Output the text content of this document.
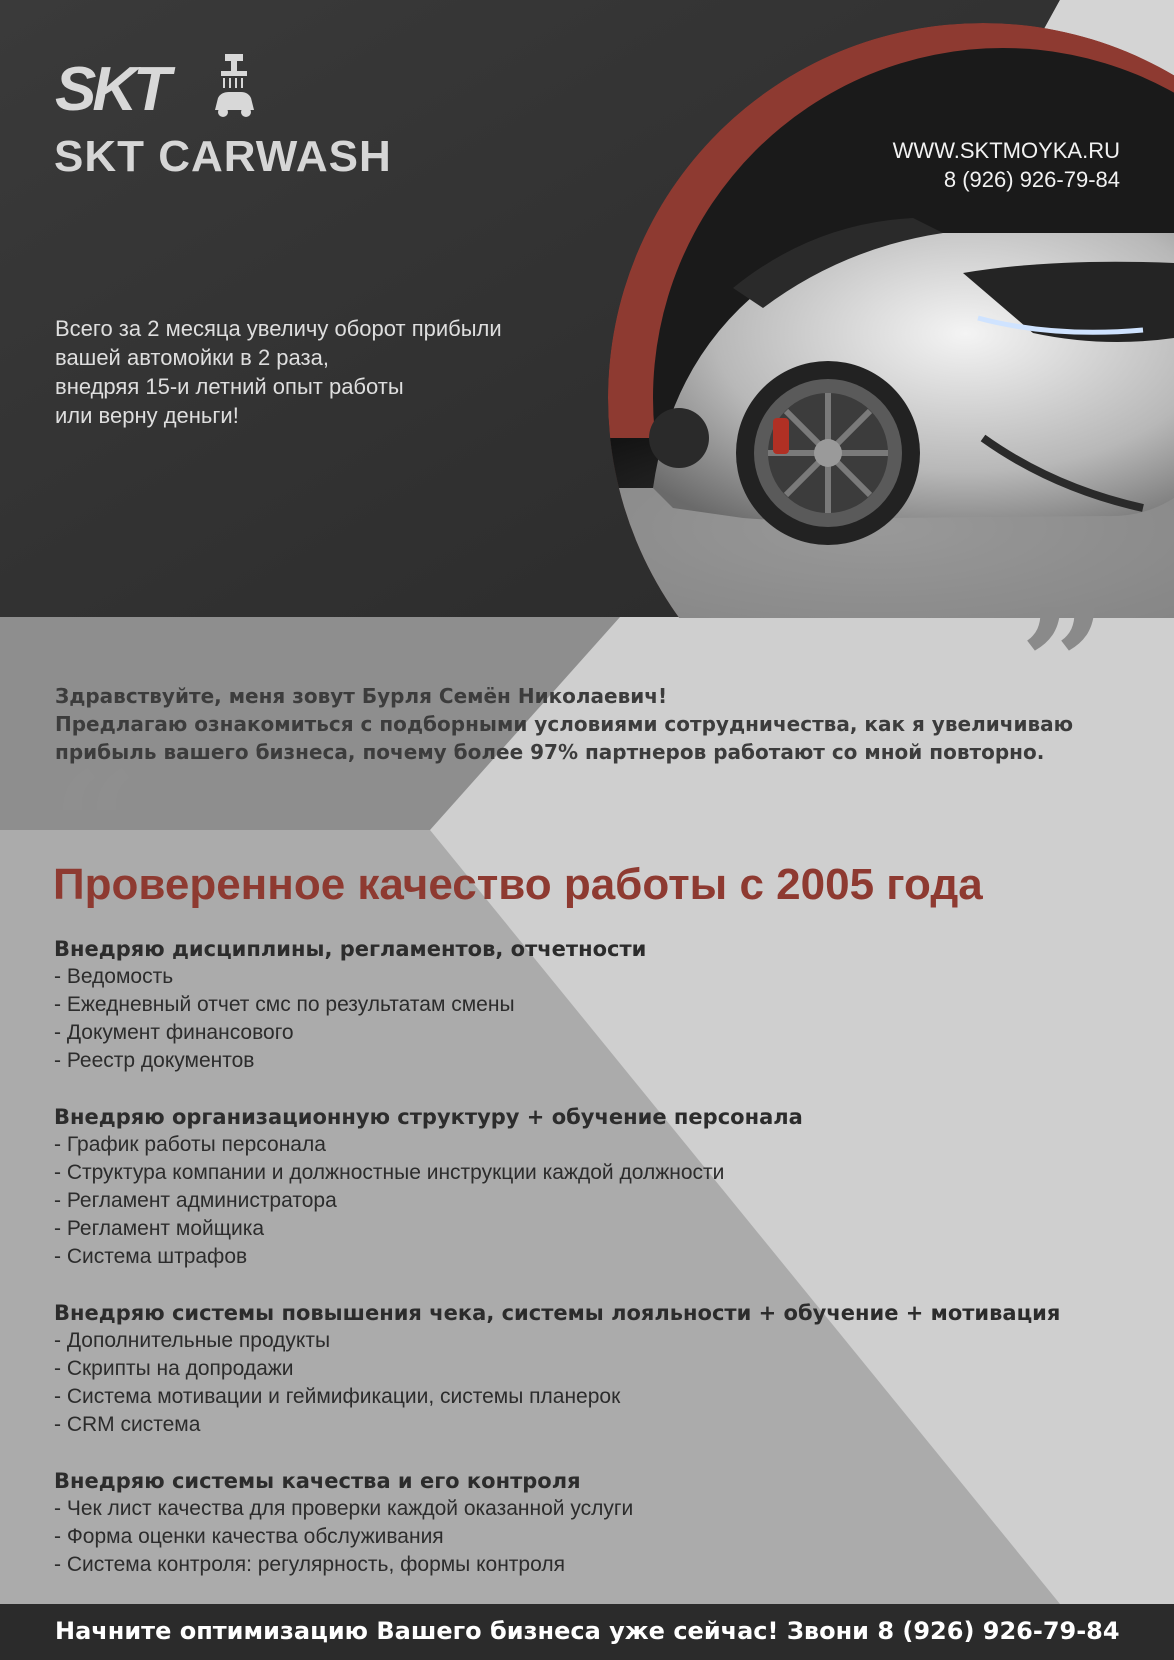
SKT
SKT CARWASH	WWW.SKTMOYKA.RU
8 (926) 926-79-84
Всего за 2 месяца увеличу оборот прибыли
вашей автомойки в 2 раза,
внедряя 15-и летний опыт работы
или верну деньги!
”
“
Здравствуйте, меня зовут Бурля Семён Николаевич!
Предлагаю ознакомиться с подборными условиями сотрудничества, как я увеличиваю
прибыль вашего бизнеса, почему более 97% партнеров работают со мной повторно.
Проверенное качество работы с 2005 года
Внедряю дисциплины, регламентов, отчетности
- Ведомость
- Ежедневный отчет смс по результатам смены
- Документ финансового
- Реестр документов
Внедряю организационную структуру + обучение персонала
- График работы персонала
- Структура компании и должностные инструкции каждой должности
- Регламент администратора
- Регламент мойщика
- Система штрафов
Внедряю системы повышения чека, системы лояльности + обучение + мотивация
- Дополнительные продукты
- Скрипты на допродажи
- Система мотивации и геймификации, системы планерок
- CRM система
Внедряю системы качества и его контроля
- Чек лист качества для проверки каждой оказанной услуги
- Форма оценки качества обслуживания
- Система контроля: регулярность, формы контроля
Начните оптимизацию Вашего бизнеса уже сейчас! Звони 8 (926) 926-79-84
